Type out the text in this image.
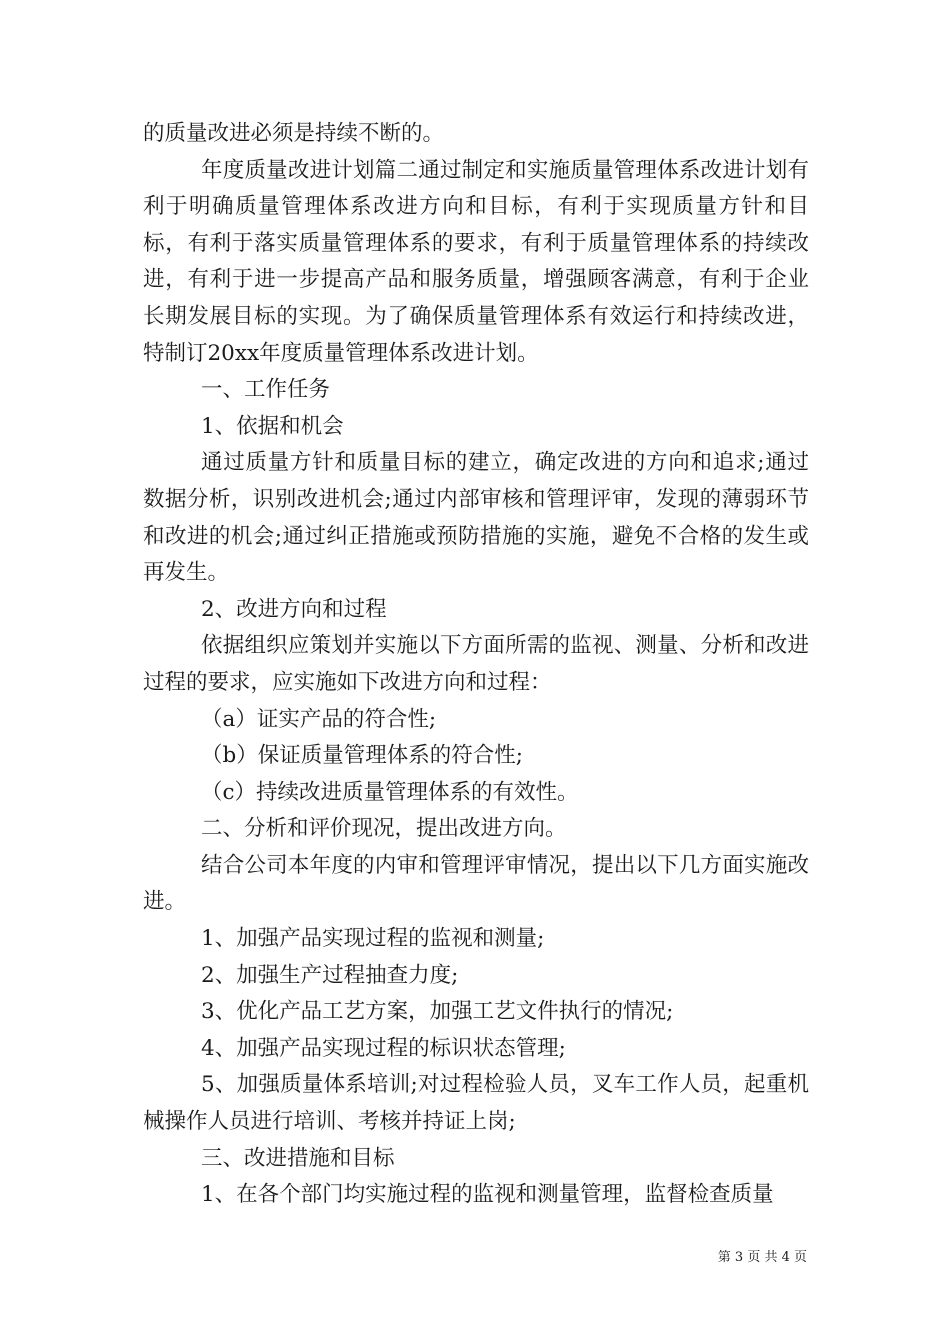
的质量改进必须是持续不断的。

年度质量改进计划篇二通过制定和实施质量管理体系改进计划有利于明确质量管理体系改进方向和目标，有利于实现质量方针和目标，有利于落实质量管理体系的要求，有利于质量管理体系的持续改进，有利于进一步提高产品和服务质量，增强顾客满意，有利于企业长期发展目标的实现。为了确保质量管理体系有效运行和持续改进，特制订20xx年度质量管理体系改进计划。

一、工作任务

1、依据和机会

通过质量方针和质量目标的建立，确定改进的方向和追求;通过数据分析，识别改进机会;通过内部审核和管理评审，发现的薄弱环节和改进的机会;通过纠正措施或预防措施的实施，避免不合格的发生或再发生。

2、改进方向和过程

依据组织应策划并实施以下方面所需的监视、测量、分析和改进过程的要求，应实施如下改进方向和过程：

（a）证实产品的符合性;

（b）保证质量管理体系的符合性;

（c）持续改进质量管理体系的有效性。

二、分析和评价现况，提出改进方向。

结合公司本年度的内审和管理评审情况，提出以下几方面实施改进。

1、加强产品实现过程的监视和测量;

2、加强生产过程抽查力度;

3、优化产品工艺方案，加强工艺文件执行的情况;

4、加强产品实现过程的标识状态管理;

5、加强质量体系培训;对过程检验人员，叉车工作人员，起重机械操作人员进行培训、考核并持证上岗;

三、改进措施和目标

1、在各个部门均实施过程的监视和测量管理，监督检查质量

第 3 页 共 4 页
